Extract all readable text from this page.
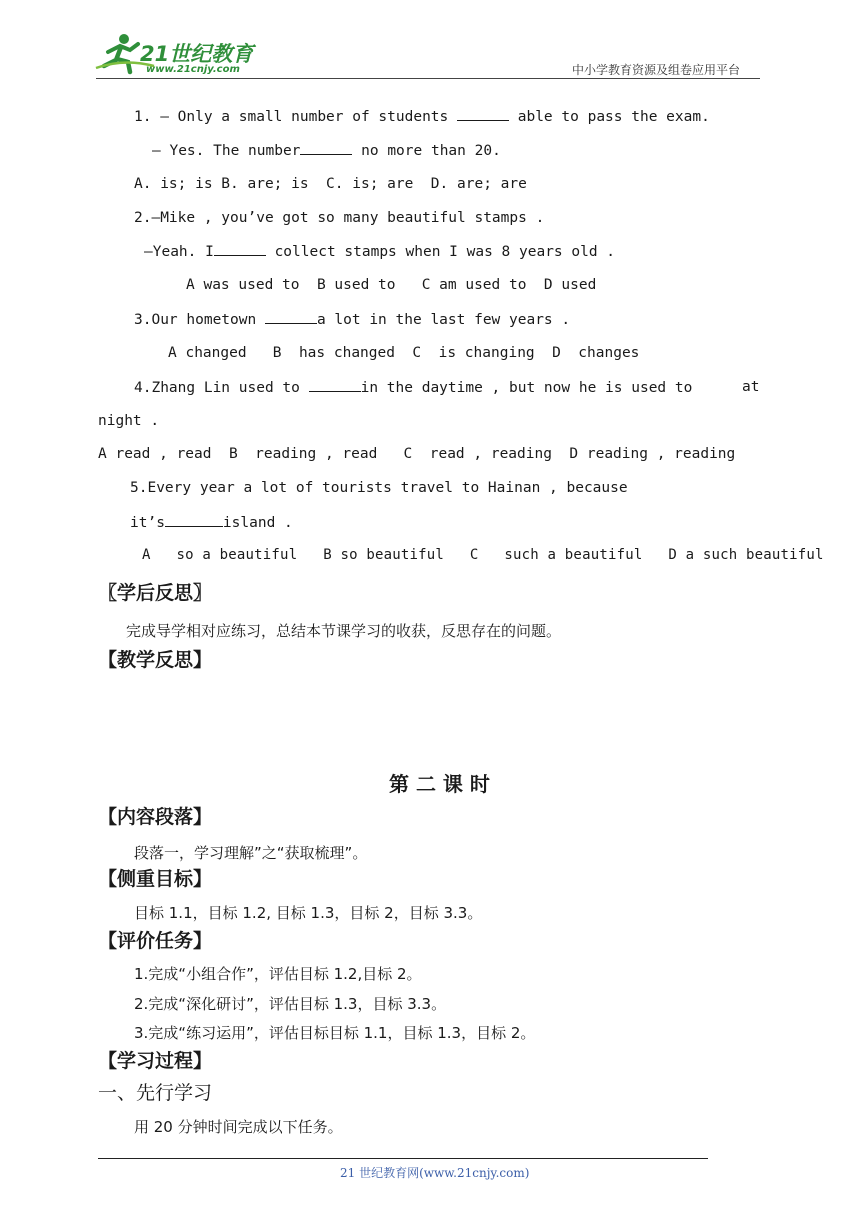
21世纪教育
www.21cnjy.com	中小学教育资源及组卷应用平台
1. — Only a small number of students	able to pass the exam.
— Yes. The number	no more than 20.
A. is; is B. are; is  C. is; are  D. are; are
2.—Mike , you’ve got so many beautiful stamps .
—Yeah. I	collect stamps when I was 8 years old .
A was used to  B used to   C am used to  D used
3.Our hometown	a lot in the last few years .
A changed   B  has changed  C  is changing  D  changes
4.Zhang Lin used to	in the daytime , but now he is used to	at
night .
A read , read  B  reading , read   C  read , reading  D reading , reading
5.Every year a lot of tourists travel to Hainan , because
it’s	island .
A   so a beautiful   B so beautiful   C   such a beautiful   D a such beautiful
〖学后反思〗
完成导学相对应练习，总结本节课学习的收获，反思存在的问题。
【教学反思】
第 二 课 时
【内容段落】
段落一，学习理解”之“获取梳理”。
【侧重目标】
目标 1.1，目标 1.2, 目标 1.3，目标 2，目标 3.3。
【评价任务】
1.完成“小组合作”，评估目标 1.2,目标 2。
2.完成“深化研讨”，评估目标 1.3，目标 3.3。
3.完成“练习运用”，评估目标目标 1.1，目标 1.3，目标 2。
【学习过程】
一、先行学习
用 20 分钟时间完成以下任务。
21 世纪教育网(www.21cnjy.com)
